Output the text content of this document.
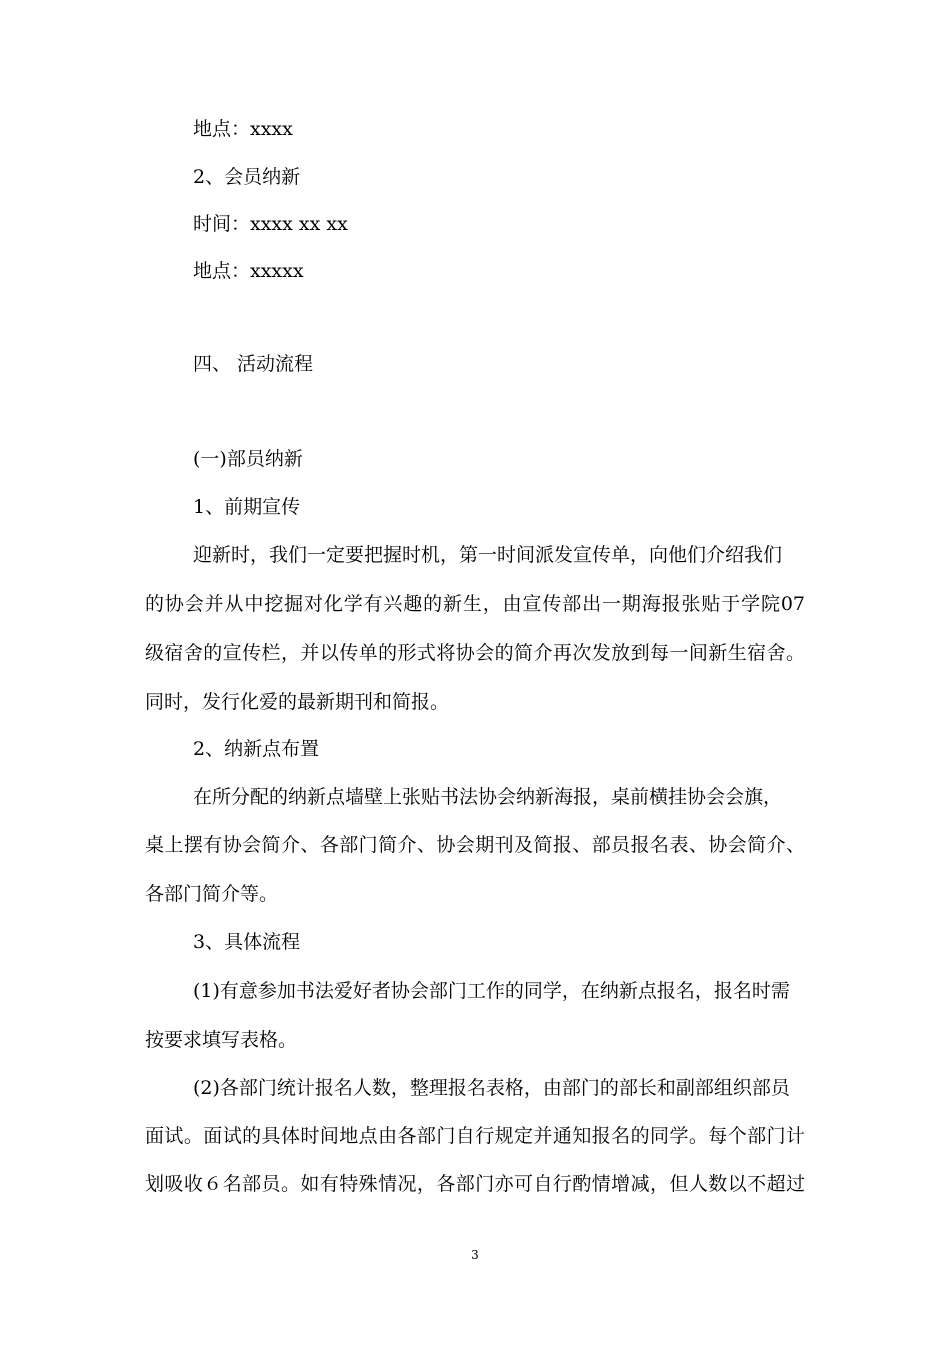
地点：xxxx
2、会员纳新
时间：xxxx xx xx
地点：xxxxx
四、 活动流程
(一)部员纳新
1、前期宣传
迎新时，我们一定要把握时机，第一时间派发宣传单，向他们介绍我们
的协会并从中挖掘对化学有兴趣的新生，由宣传部出一期海报张贴于学院07
级宿舍的宣传栏，并以传单的形式将协会的简介再次发放到每一间新生宿舍。
同时，发行化爱的最新期刊和简报。
2、纳新点布置
在所分配的纳新点墙壁上张贴书法协会纳新海报，桌前横挂协会会旗，
桌上摆有协会简介、各部门简介、协会期刊及简报、部员报名表、协会简介、
各部门简介等。
3、具体流程
(1)有意参加书法爱好者协会部门工作的同学，在纳新点报名，报名时需
按要求填写表格。
(2)各部门统计报名人数，整理报名表格，由部门的部长和副部组织部员
面试。面试的具体时间地点由各部门自行规定并通知报名的同学。每个部门计
划吸收６名部员。如有特殊情况，各部门亦可自行酌情增减，但人数以不超过
3
